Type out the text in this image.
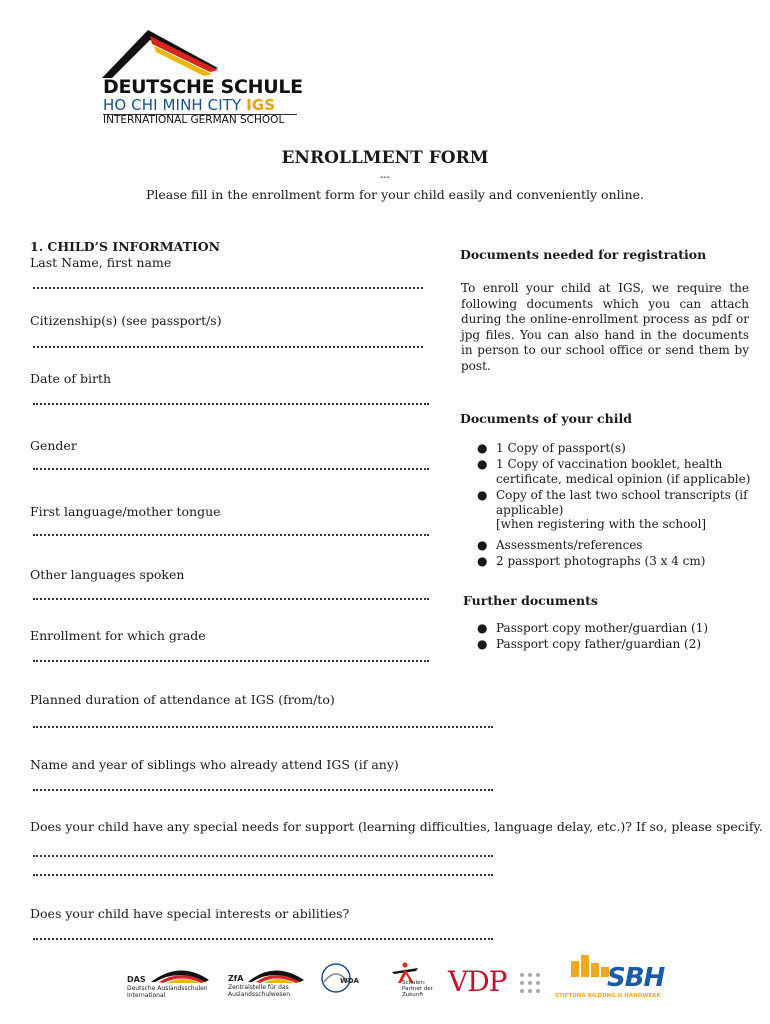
DEUTSCHE SCHULE
HO CHI MINH CITY IGS
INTERNATIONAL GERMAN SCHOOL
ENROLLMENT FORM
---
Please fill in the enrollment form for your child easily and conveniently online.
1. CHILD’S INFORMATION
Last Name, first name
Citizenship(s) (see passport/s)
Date of birth
Gender
First language/mother tongue
Other languages spoken
Enrollment for which grade
Planned duration of attendance at IGS (from/to)
Name and year of siblings who already attend IGS (if any)
Does your child have any special needs for support (learning difficulties, language delay, etc.)? If so, please specify.
Does your child have special interests or abilities?
Documents needed for registration
To enroll your child at IGS, we require the following documents which you can attach during the online-enrollment process as pdf or jpg files. You can also hand in the documents in person to our school office or send them by post.
Documents of your child
● 1 Copy of passport(s)
● 1 Copy of vaccination booklet, health certificate, medical opinion (if applicable)
● Copy of the last two school transcripts (if applicable)
[when registering with the school]
● Assessments/references
● 2 passport photographs (3 x 4 cm)
Further documents
● Passport copy mother/guardian (1)
● Passport copy father/guardian (2)
DAS
Deutsche Auslandsschulen International
ZfA
Zentralstelle für das Auslandsschulwesen
WDA	Schulen: Partner der Zukunft VDP	SBH
STIFTUNG BILDUNG & HANDWERK
